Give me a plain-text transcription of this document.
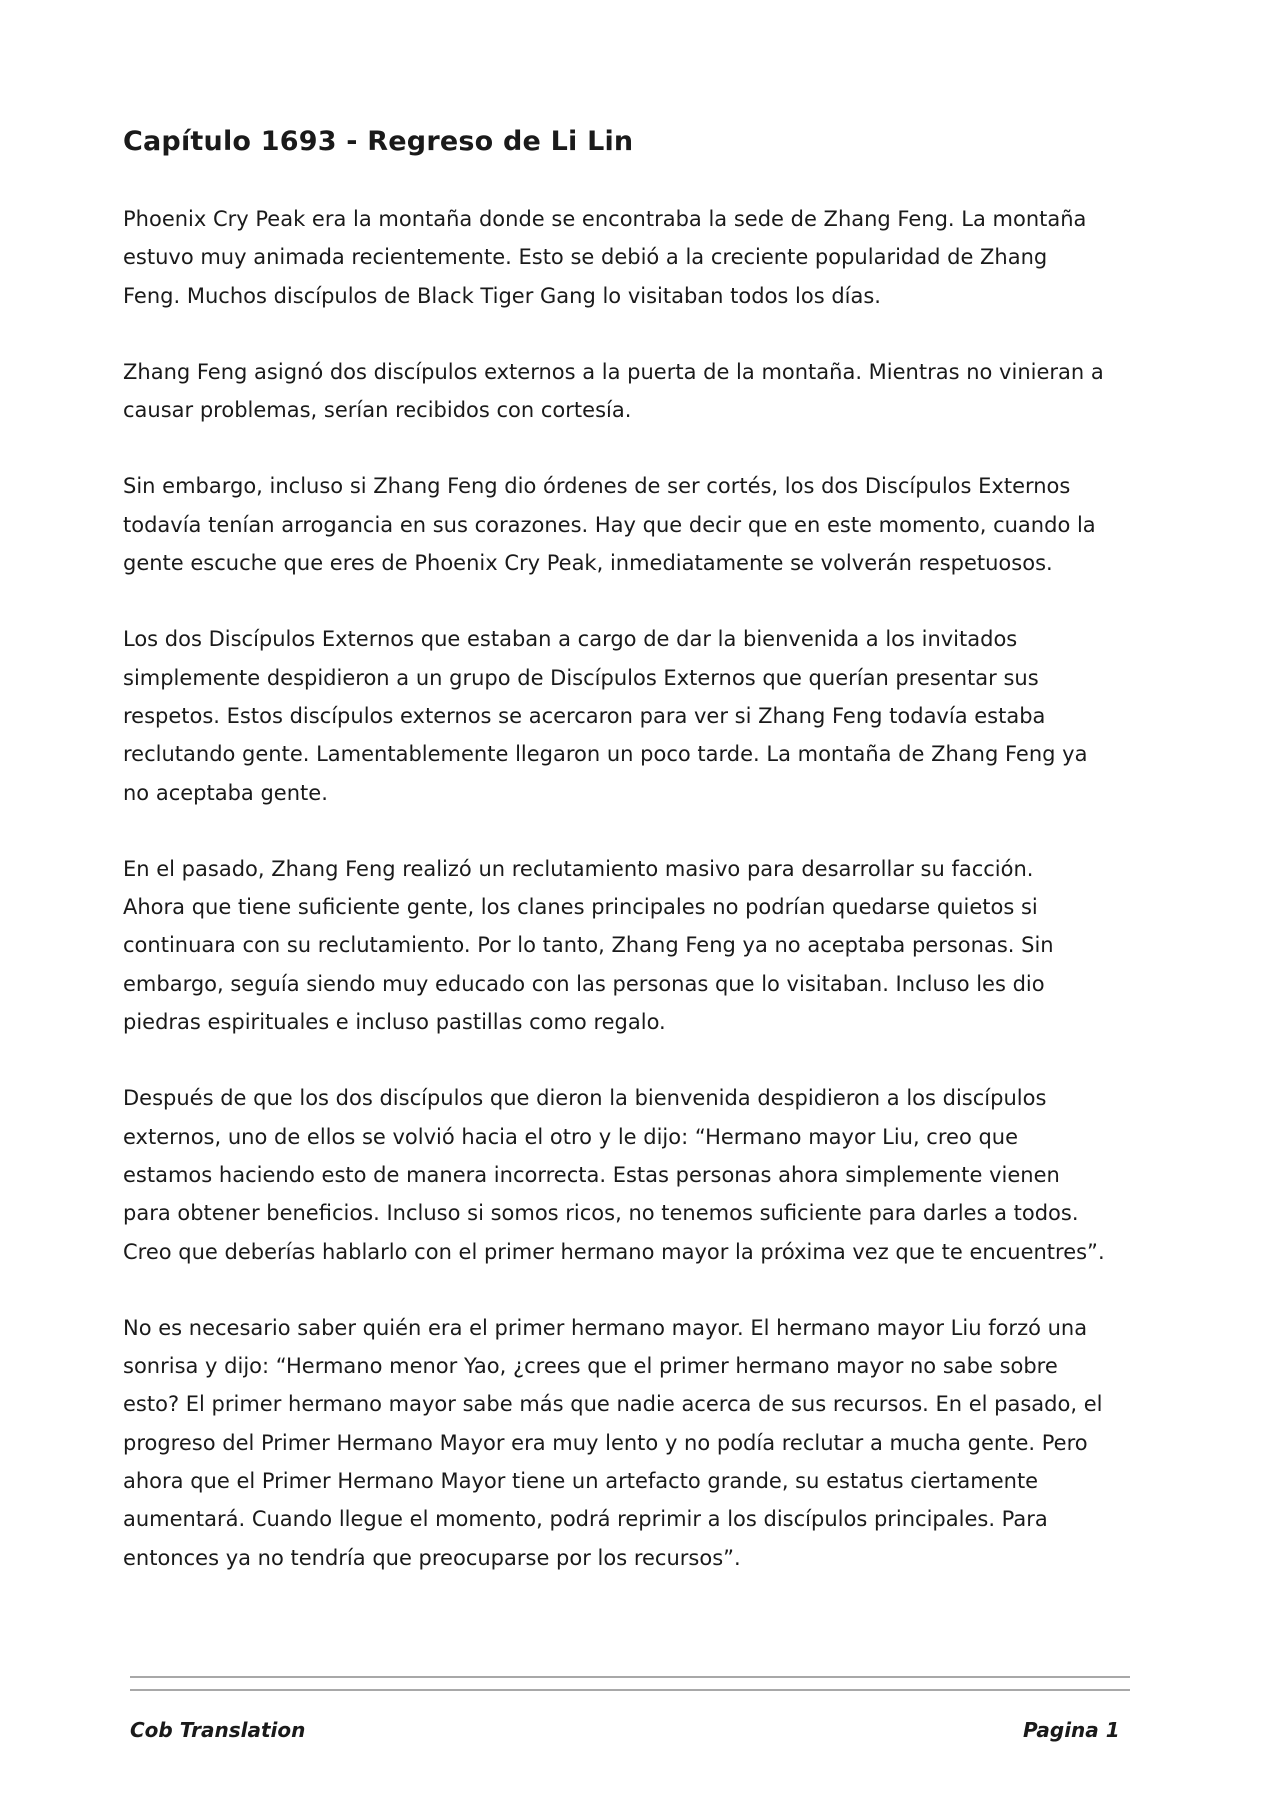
Capítulo 1693 - Regreso de Li Lin

Phoenix Cry Peak era la montaña donde se encontraba la sede de Zhang Feng. La montaña
estuvo muy animada recientemente. Esto se debió a la creciente popularidad de Zhang
Feng. Muchos discípulos de Black Tiger Gang lo visitaban todos los días.

Zhang Feng asignó dos discípulos externos a la puerta de la montaña. Mientras no vinieran a
causar problemas, serían recibidos con cortesía.

Sin embargo, incluso si Zhang Feng dio órdenes de ser cortés, los dos Discípulos Externos
todavía tenían arrogancia en sus corazones. Hay que decir que en este momento, cuando la
gente escuche que eres de Phoenix Cry Peak, inmediatamente se volverán respetuosos.

Los dos Discípulos Externos que estaban a cargo de dar la bienvenida a los invitados
simplemente despidieron a un grupo de Discípulos Externos que querían presentar sus
respetos. Estos discípulos externos se acercaron para ver si Zhang Feng todavía estaba
reclutando gente. Lamentablemente llegaron un poco tarde. La montaña de Zhang Feng ya
no aceptaba gente.

En el pasado, Zhang Feng realizó un reclutamiento masivo para desarrollar su facción.
Ahora que tiene suficiente gente, los clanes principales no podrían quedarse quietos si
continuara con su reclutamiento. Por lo tanto, Zhang Feng ya no aceptaba personas. Sin
embargo, seguía siendo muy educado con las personas que lo visitaban. Incluso les dio
piedras espirituales e incluso pastillas como regalo.

Después de que los dos discípulos que dieron la bienvenida despidieron a los discípulos
externos, uno de ellos se volvió hacia el otro y le dijo: “Hermano mayor Liu, creo que
estamos haciendo esto de manera incorrecta. Estas personas ahora simplemente vienen
para obtener beneficios. Incluso si somos ricos, no tenemos suficiente para darles a todos.
Creo que deberías hablarlo con el primer hermano mayor la próxima vez que te encuentres”.

No es necesario saber quién era el primer hermano mayor. El hermano mayor Liu forzó una
sonrisa y dijo: “Hermano menor Yao, ¿crees que el primer hermano mayor no sabe sobre
esto? El primer hermano mayor sabe más que nadie acerca de sus recursos. En el pasado, el
progreso del Primer Hermano Mayor era muy lento y no podía reclutar a mucha gente. Pero
ahora que el Primer Hermano Mayor tiene un artefacto grande, su estatus ciertamente
aumentará. Cuando llegue el momento, podrá reprimir a los discípulos principales. Para
entonces ya no tendría que preocuparse por los recursos”.

Cob Translation	Pagina 1
